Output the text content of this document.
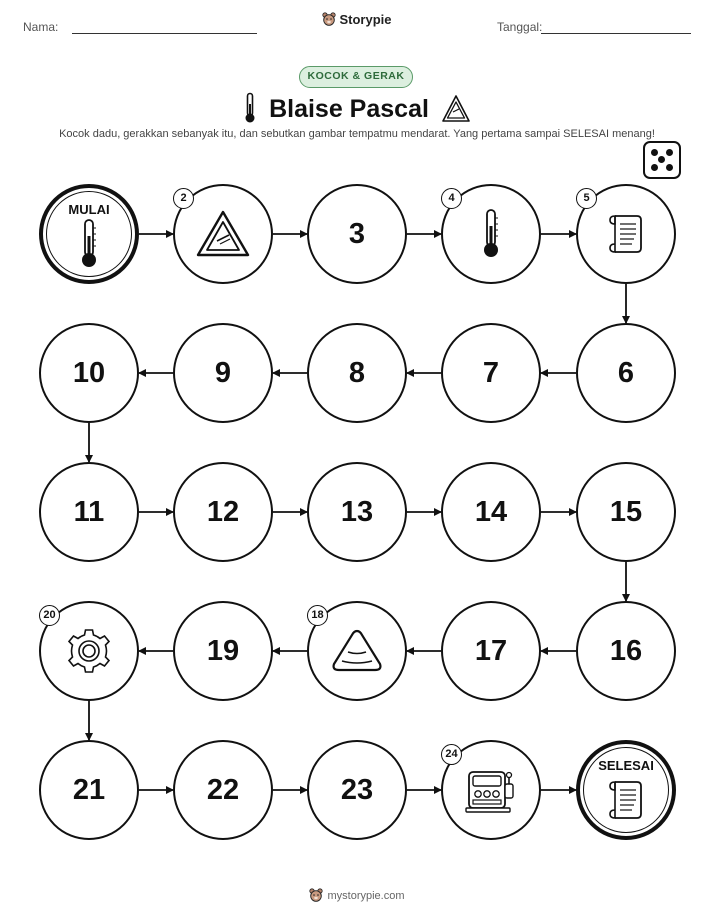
Nama:	Storypie	Tanggal:
KOCOK & GERAK
Blaise Pascal
Kocok dadu, gerakkan sebanyak itu, dan sebutkan gambar tempatmu mendarat. Yang pertama sampai SELESAI menang!
MULAI
2
3
4	5
6
7
8
9
10
11	12	13	14	15
16
17
18
19
20
21	22	23
24
SELESAI
mystorypie.com
